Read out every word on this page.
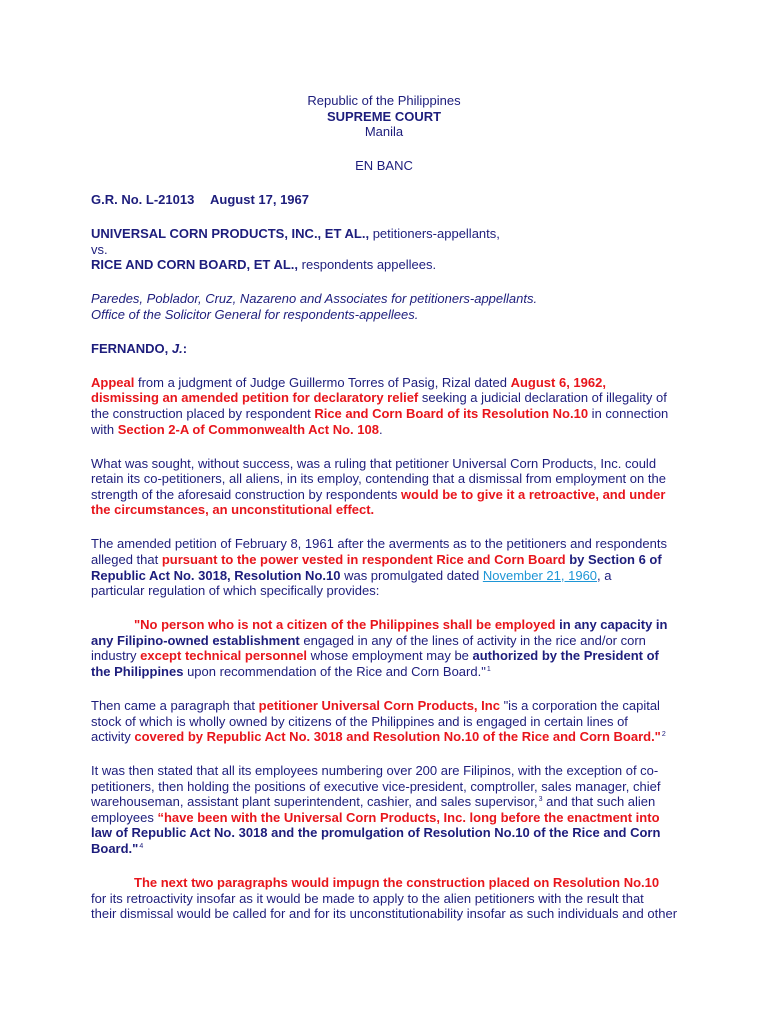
Republic of the Philippines
SUPREME COURT
Manila
EN BANC
G.R. No. L-21013 August 17, 1967
UNIVERSAL CORN PRODUCTS, INC., ET AL., petitioners-appellants,
vs.
RICE AND CORN BOARD, ET AL., respondents appellees.
Paredes, Poblador, Cruz, Nazareno and Associates for petitioners-appellants.
Office of the Solicitor General for respondents-appellees.
FERNANDO, J.:
Appeal from a judgment of Judge Guillermo Torres of Pasig, Rizal dated August 6, 1962,
dismissing an amended petition for declaratory relief seeking a judicial declaration of illegality of
the construction placed by respondent Rice and Corn Board of its Resolution No.10 in connection
with Section 2-A of Commonwealth Act No. 108.
What was sought, without success, was a ruling that petitioner Universal Corn Products, Inc. could
retain its co-petitioners, all aliens, in its employ, contending that a dismissal from employment on the
strength of the aforesaid construction by respondents would be to give it a retroactive, and under
the circumstances, an unconstitutional effect.
The amended petition of February 8, 1961 after the averments as to the petitioners and respondents
alleged that pursuant to the power vested in respondent Rice and Corn Board by Section 6 of
Republic Act No. 3018, Resolution No.10 was promulgated dated November 21, 1960, a
particular regulation of which specifically provides:
"No person who is not a citizen of the Philippines shall be employed in any capacity in
any Filipino-owned establishment engaged in any of the lines of activity in the rice and/or corn
industry except technical personnel whose employment may be authorized by the President of
the Philippines upon recommendation of the Rice and Corn Board."$^1$
Then came a paragraph that petitioner Universal Corn Products, Inc "is a corporation the capital
stock of which is wholly owned by citizens of the Philippines and is engaged in certain lines of
activity covered by Republic Act No. 3018 and Resolution No.10 of the Rice and Corn Board."$^2$
It was then stated that all its employees numbering over 200 are Filipinos, with the exception of co-
petitioners, then holding the positions of executive vice-president, comptroller, sales manager, chief
warehouseman, assistant plant superintendent, cashier, and sales supervisor,$^3$ and that such alien
employees “have been with the Universal Corn Products, Inc. long before the enactment into
law of Republic Act No. 3018 and the promulgation of Resolution No.10 of the Rice and Corn
Board."$^4$
The next two paragraphs would impugn the construction placed on Resolution No.10
for its retroactivity insofar as it would be made to apply to the alien petitioners with the result that
their dismissal would be called for and for its unconstitutionability insofar as such individuals and other
